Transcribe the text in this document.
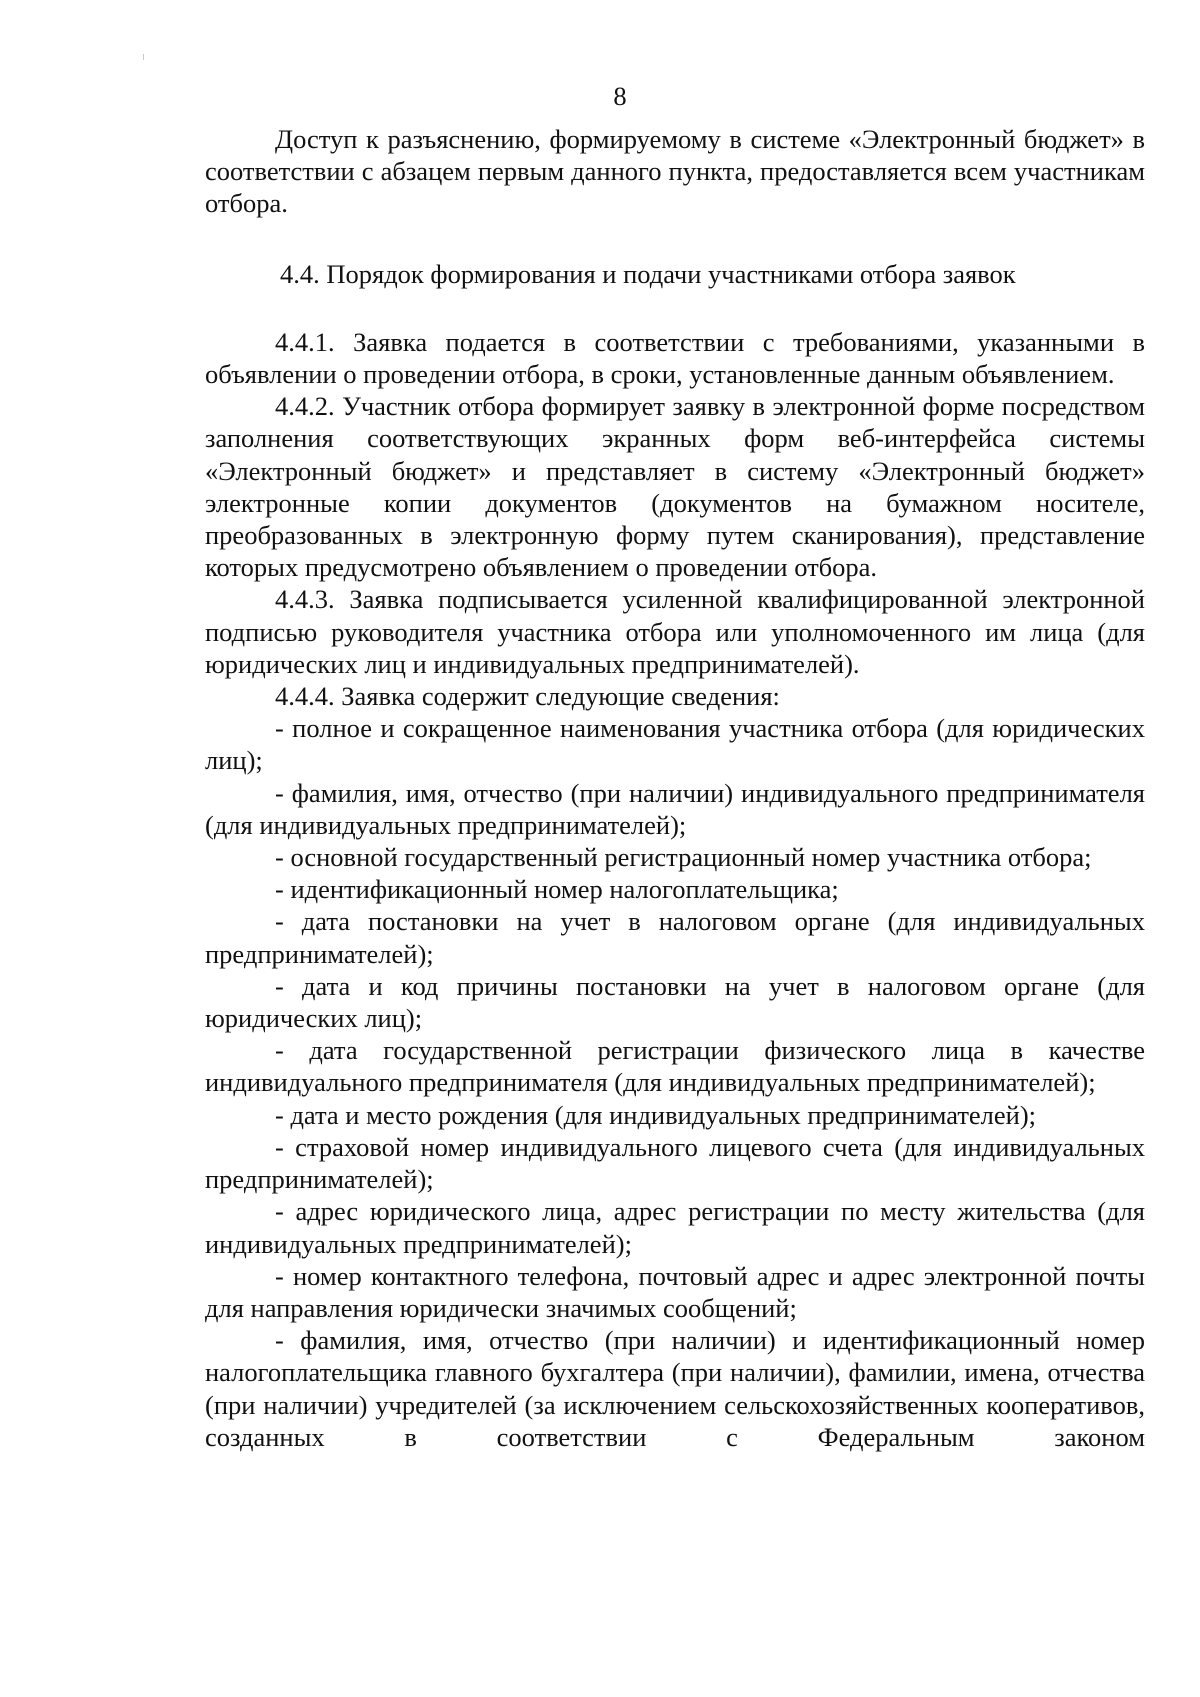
8

Доступ к разъяснению, формируемому в системе «Электронный бюджет» в соответствии с абзацем первым данного пункта, предоставляется всем участникам отбора.

4.4. Порядок формирования и подачи участниками отбора заявок

4.4.1. Заявка подается в соответствии с требованиями, указанными в объявлении о проведении отбора, в сроки, установленные данным объявлением.

4.4.2. Участник отбора формирует заявку в электронной форме посредством заполнения соответствующих экранных форм веб-интерфейса системы «Электронный бюджет» и представляет в систему «Электронный бюджет» электронные копии документов (документов на бумажном носителе, преобразованных в электронную форму путем сканирования), представление которых предусмотрено объявлением о проведении отбора.

4.4.3. Заявка подписывается усиленной квалифицированной электронной подписью руководителя участника отбора или уполномоченного им лица (для юридических лиц и индивидуальных предпринимателей).

4.4.4. Заявка содержит следующие сведения:

- полное и сокращенное наименования участника отбора (для юридических лиц);

- фамилия, имя, отчество (при наличии) индивидуального предпринимателя (для индивидуальных предпринимателей);

- основной государственный регистрационный номер участника отбора;

- идентификационный номер налогоплательщика;

- дата постановки на учет в налоговом органе (для индивидуальных предпринимателей);

- дата и код причины постановки на учет в налоговом органе (для юридических лиц);

- дата государственной регистрации физического лица в качестве индивидуального предпринимателя (для индивидуальных предпринимателей);

- дата и место рождения (для индивидуальных предпринимателей);

- страховой номер индивидуального лицевого счета (для индивидуальных предпринимателей);

- адрес юридического лица, адрес регистрации по месту жительства (для индивидуальных предпринимателей);

- номер контактного телефона, почтовый адрес и адрес электронной почты для направления юридически значимых сообщений;

- фамилия, имя, отчество (при наличии) и идентификационный номер налогоплательщика главного бухгалтера (при наличии), фамилии, имена, отчества (при наличии) учредителей (за исключением сельскохозяйственных кооперативов, созданных в соответствии с Федеральным законом
